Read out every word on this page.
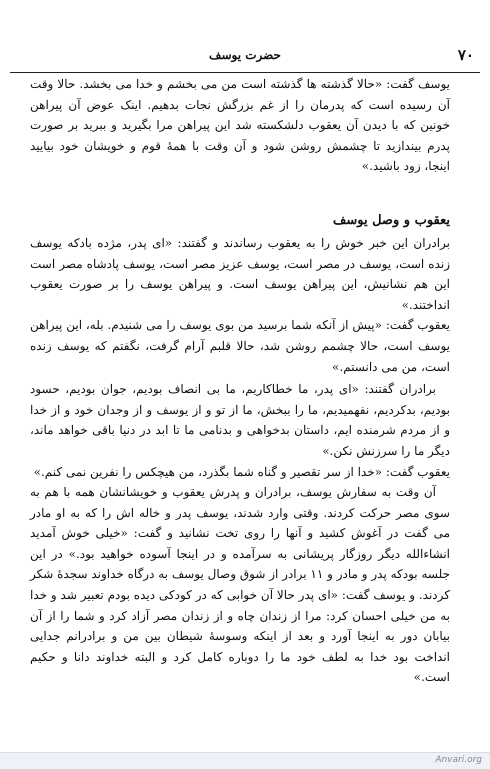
۷۰
حضرت یوسف

یوسف گفت: «حالا گذشته ها گذشته است من می بخشم و خدا می بخشد. حالا وقت آن رسیده است که پدرمان را از غم بزرگش نجات بدهیم. اینک عوض آن پیراهن خونین که با دیدن آن یعقوب دلشکسته شد این پیراهن مرا بگیرید و ببرید بر صورت پدرم بیندازید تا چشمش روشن شود و آن وقت با همهٔ قوم و خویشان خود بیایید اینجا، زود باشید.»

یعقوب و وصل یوسف

برادران این خبر خوش را به یعقوب رساندند و گفتند: «ای پدر، مژده بادکه یوسف زنده است، یوسف در مصر است، یوسف عزیز مصر است، یوسف پادشاه مصر است این هم نشانیش، این پیراهن یوسف است. و پیراهن یوسف را بر صورت یعقوب انداختند.»

یعقوب گفت: «پیش از آنکه شما برسید من بوی یوسف را می شنیدم. بله، این پیراهن یوسف است، حالا چشمم روشن شد، حالا قلبم آرام گرفت، نگفتم که یوسف زنده است، من می دانستم.»

برادران گفتند: «ای پدر، ما خطاکاریم، ما بی انصاف بودیم، جوان بودیم، حسود بودیم، بدکردیم، نفهمیدیم، ما را ببخش، ما از تو و از یوسف و از وجدان خود و از خدا و از مردم شرمنده ایم، داستان بدخواهی و بدنامی ما تا ابد در دنیا باقی خواهد ماند، دیگر ما را سرزنش نکن.»

یعقوب گفت: «خدا از سر تقصیر و گناه شما بگذرد، من هیچکس را نفرین نمی کنم.»

آن وقت به سفارش یوسف، برادران و پدرش یعقوب و خویشانشان همه با هم به سوی مصر حرکت کردند. وقتی وارد شدند، یوسف پدر و خاله اش را که به او مادر می گفت در آغوش کشید و آنها را روی تخت نشانید و گفت: «خیلی خوش آمدید انشاءالله دیگر روزگار پریشانی به سرآمده و در اینجا آسوده خواهید بود.» در این جلسه بودکه پدر و مادر و ۱۱ برادر از شوق وصال یوسف به درگاه خداوند سجدهٔ شکر کردند. و یوسف گفت: «ای پدر حالا آن خوابی که در کودکی دیده بودم تعبیر شد و خدا به من خیلی احسان کرد: مرا از زندان چاه و از زندان مصر آزاد کرد و شما را از آن بیابان دور به اینجا آورد و بعد از اینکه وسوسهٔ شیطان بین من و برادرانم جدایی انداخت بود خدا به لطف خود ما را دوباره کامل کرد و البته خداوند دانا و حکیم است.»

Anvari.org
